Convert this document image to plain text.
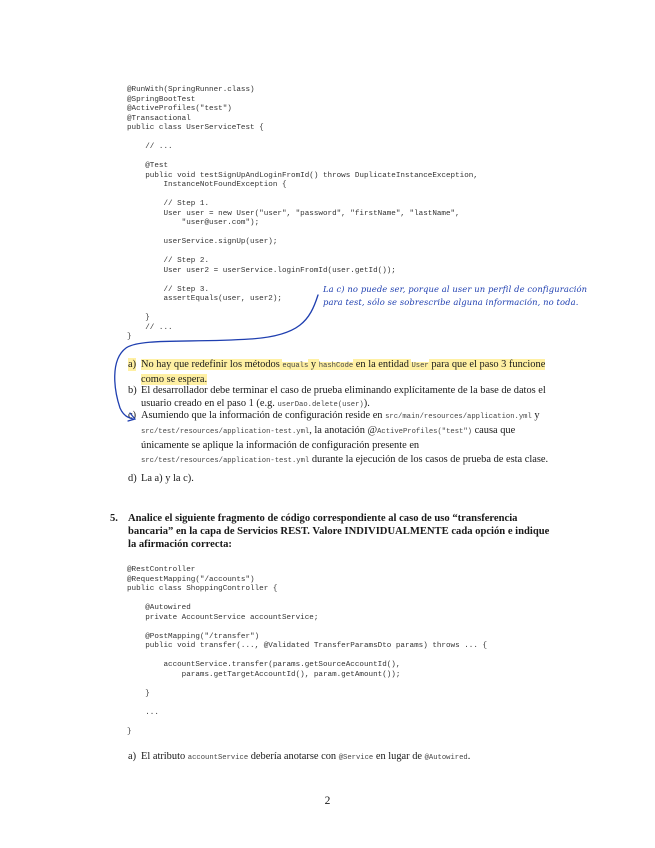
@RunWith(SpringRunner.class)
@SpringBootTest
@ActiveProfiles("test")
@Transactional
public class UserServiceTest {

// ...

@Test
public void testSignUpAndLoginFromId() throws DuplicateInstanceException,
InstanceNotFoundException {

// Step 1.
User user = new User("user", "password", "firstName", "lastName",
"user@user.com");

userService.signUp(user);

// Step 2.
User user2 = userService.loginFromId(user.getId());

// Step 3.
assertEquals(user, user2);

}
// ...
}
La c) no puede ser, porque al user un perfil de configuración
para test, sólo se sobrescribe alguna información, no toda.
a) No hay que redefinir los métodos equals y hashCode en la entidad User para que el paso 3 funcione como se espera.
b) El desarrollador debe terminar el caso de prueba eliminando explícitamente de la base de datos el usuario creado en el paso 1 (e.g. userDao.delete(user)).
c) Asumiendo que la información de configuración reside en src/main/resources/application.yml y src/test/resources/application-test.yml, la anotación @ActiveProfiles("test") causa que únicamente se aplique la información de configuración presente en src/test/resources/application-test.yml durante la ejecución de los casos de prueba de esta clase.
d) La a) y la c).
5. Analice el siguiente fragmento de código correspondiente al caso de uso “transferencia bancaria” en la capa de Servicios REST. Valore INDIVIDUALMENTE cada opción e indique la afirmación correcta:
@RestController
@RequestMapping("/accounts")
public class ShoppingController {

@Autowired
private AccountService accountService;

@PostMapping("/transfer")
public void transfer(..., @Validated TransferParamsDto params) throws ... {

accountService.transfer(params.getSourceAccountId(),
params.getTargetAccountId(), param.getAmount());

}

...

}
a) El atributo accountService debería anotarse con @Service en lugar de @Autowired.
2
